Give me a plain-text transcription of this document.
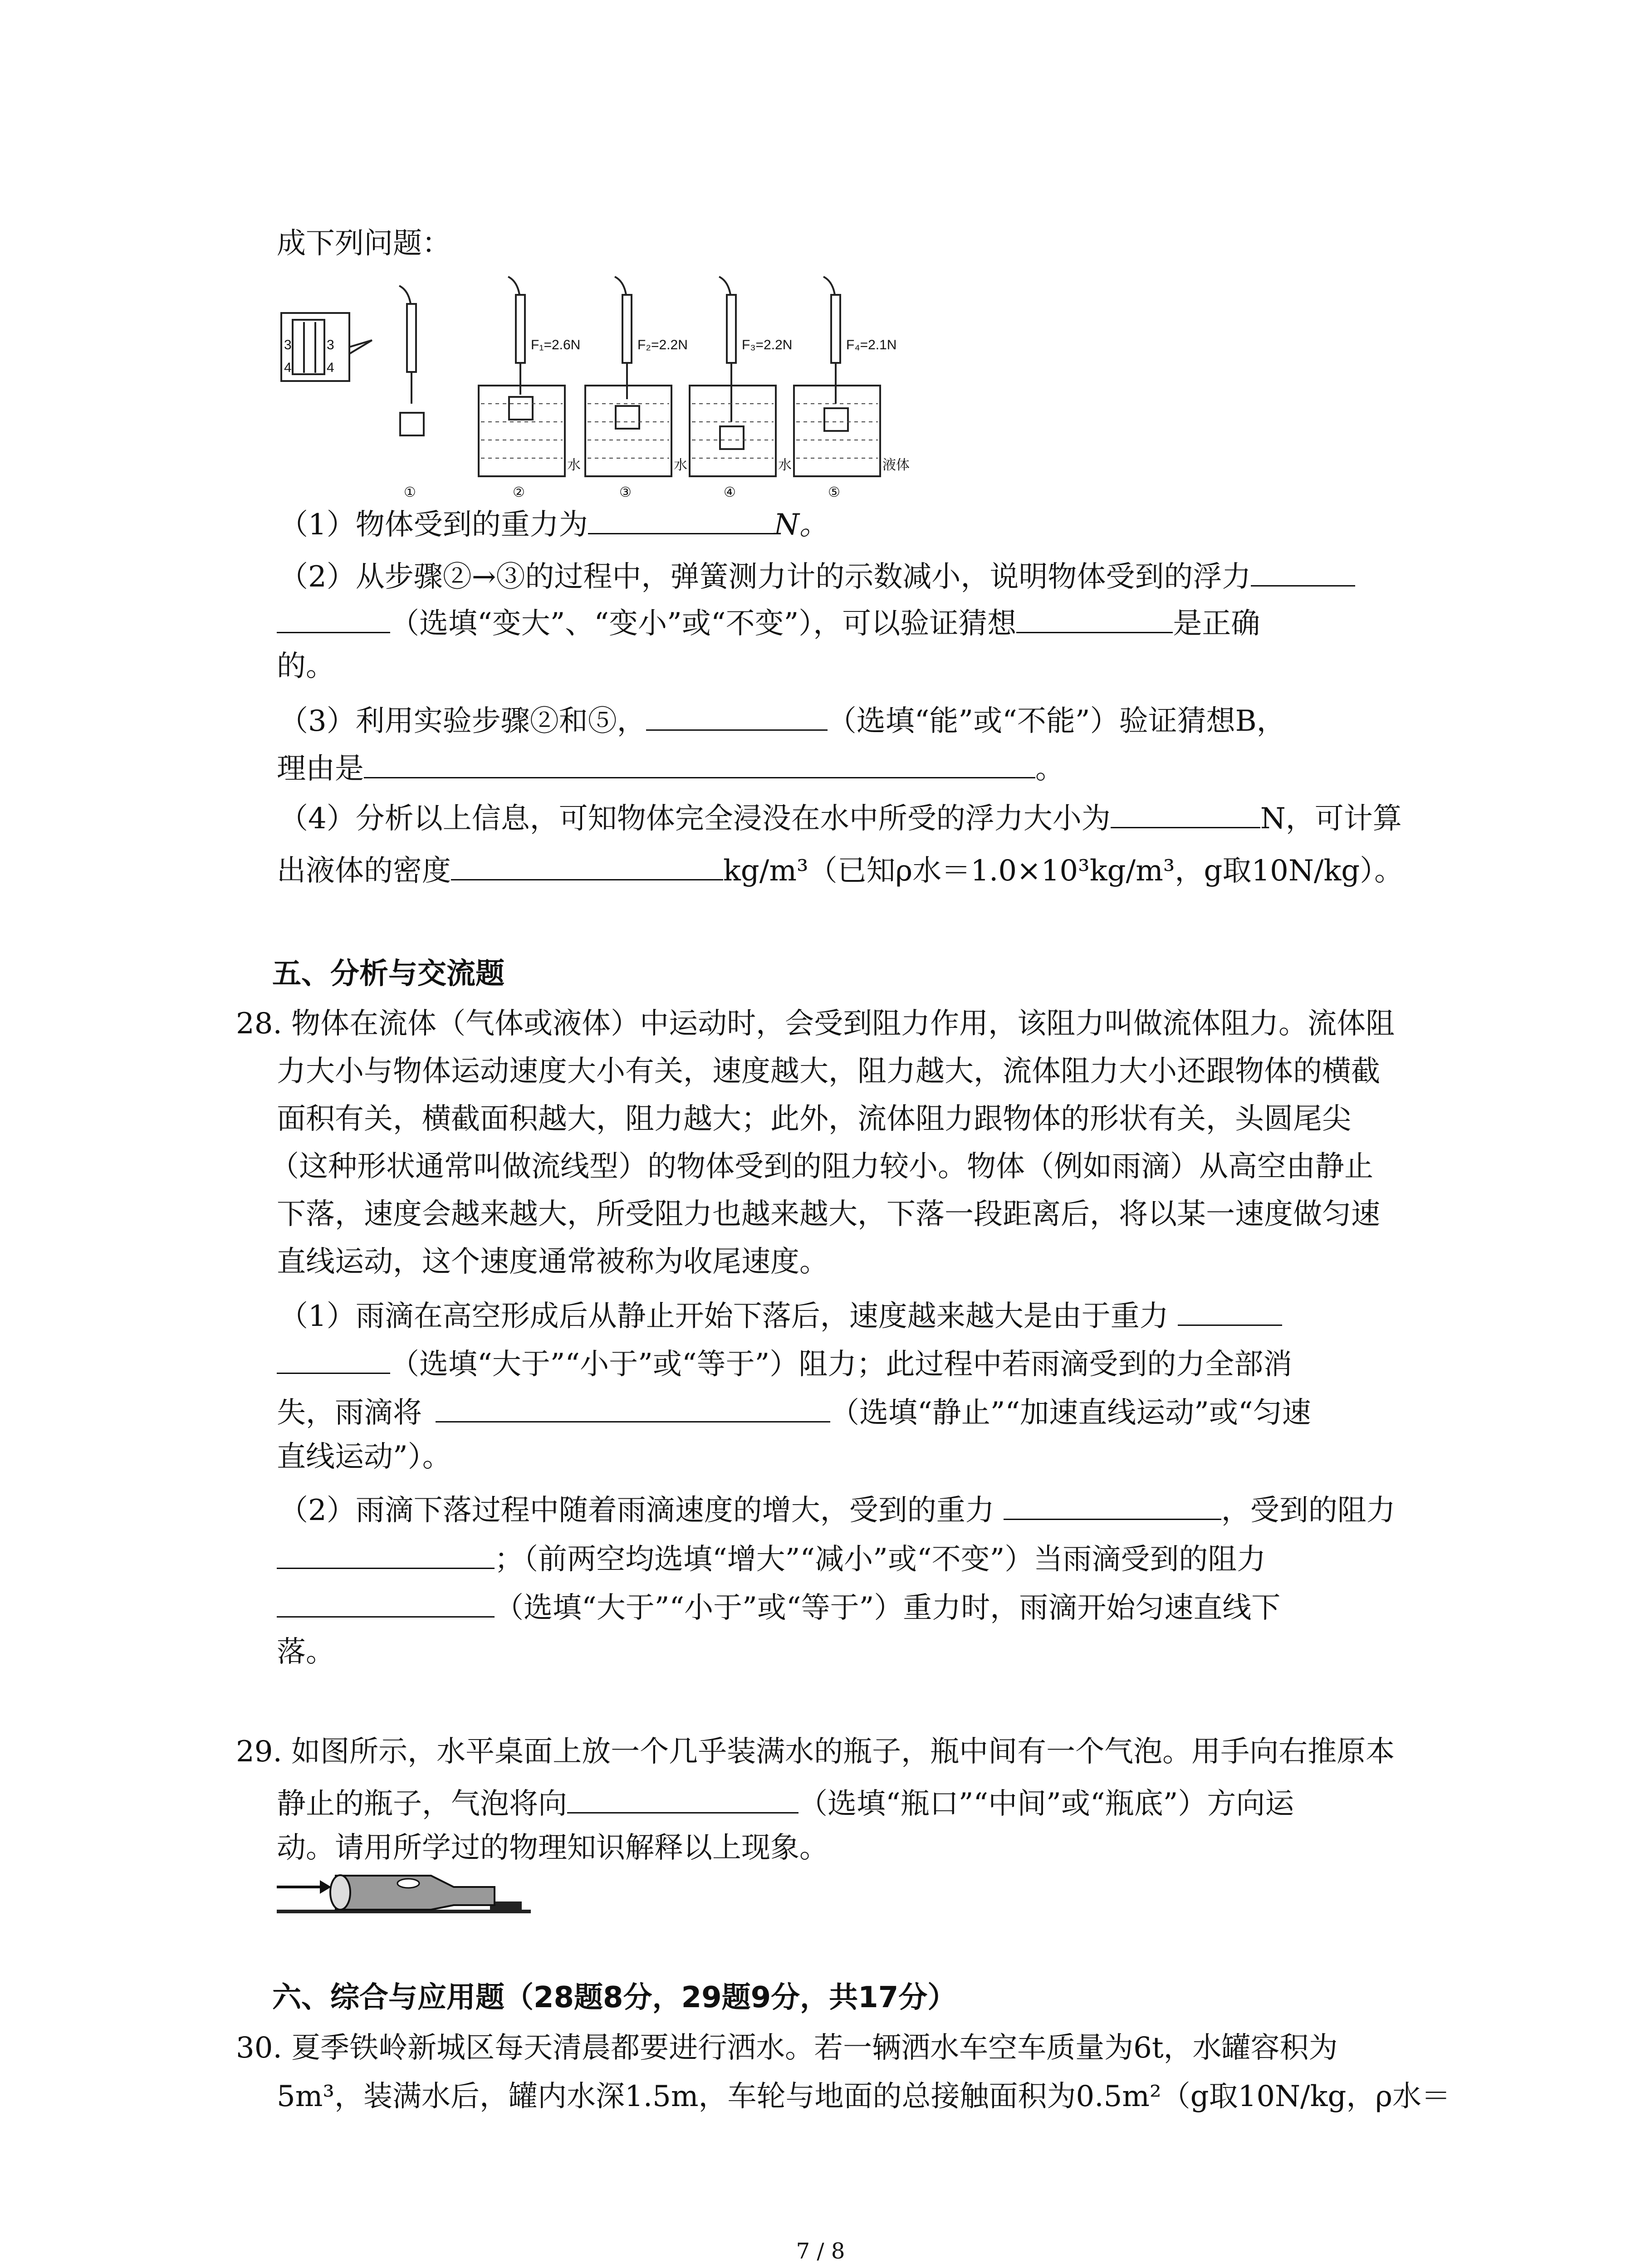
成下列问题：
3	3
4	4
F₁=2.6N	F₂=2.2N	F₃=2.2N	F₄=2.1N
水	水	水	液体
①	②	③	④	⑤
（1）物体受到的重力为	N。
（2）从步骤②→③的过程中，弹簧测力计的示数减小，说明物体受到的浮力
（选填“变大”、“变小”或“不变”），可以验证猜想	是正确
的。
（3）利用实验步骤②和⑤，	（选填“能”或“不能”）验证猜想B，
理由是	。
（4）分析以上信息，可知物体完全浸没在水中所受的浮力大小为	N，可计算
出液体的密度	kg/m³（已知ρ水＝1.0×10³kg/m³，g取10N/kg）。
五、分析与交流题
28. 物体在流体（气体或液体）中运动时，会受到阻力作用，该阻力叫做流体阻力。流体阻
力大小与物体运动速度大小有关，速度越大，阻力越大，流体阻力大小还跟物体的横截
面积有关，横截面积越大，阻力越大；此外，流体阻力跟物体的形状有关，头圆尾尖
（这种形状通常叫做流线型）的物体受到的阻力较小。物体（例如雨滴）从高空由静止
下落，速度会越来越大，所受阻力也越来越大，下落一段距离后，将以某一速度做匀速
直线运动，这个速度通常被称为收尾速度。
（1）雨滴在高空形成后从静止开始下落后，速度越来越大是由于重力
（选填“大于”“小于”或“等于”）阻力；此过程中若雨滴受到的力全部消
失，雨滴将	（选填“静止”“加速直线运动”或“匀速
直线运动”）。
（2）雨滴下落过程中随着雨滴速度的增大，受到的重力	，受到的阻力
；（前两空均选填“增大”“减小”或“不变”）当雨滴受到的阻力
（选填“大于”“小于”或“等于”）重力时，雨滴开始匀速直线下
落。
29. 如图所示，水平桌面上放一个几乎装满水的瓶子，瓶中间有一个气泡。用手向右推原本
静止的瓶子，气泡将向	（选填“瓶口”“中间”或“瓶底”）方向运
动。请用所学过的物理知识解释以上现象。
六、综合与应用题（28题8分，29题9分，共17分）
30. 夏季铁岭新城区每天清晨都要进行洒水。若一辆洒水车空车质量为6t，水罐容积为
5m³，装满水后，罐内水深1.5m，车轮与地面的总接触面积为0.5m²（g取10N/kg，ρ水＝
7 / 8
